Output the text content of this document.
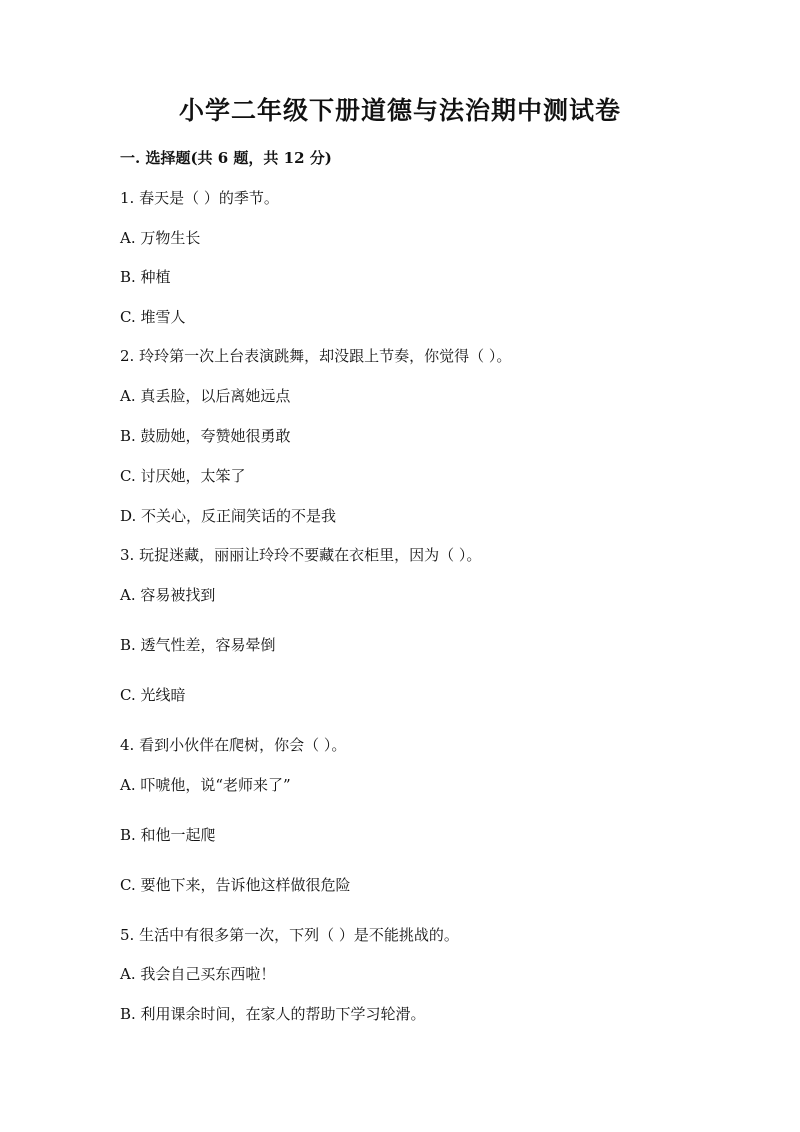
小学二年级下册道德与法治期中测试卷
一. 选择题(共 6 题，共 12 分)
1. 春天是（ ）的季节。
A. 万物生长
B. 种植
C. 堆雪人
2. 玲玲第一次上台表演跳舞，却没跟上节奏，你觉得（ ）。
A. 真丢脸，以后离她远点
B. 鼓励她，夸赞她很勇敢
C. 讨厌她，太笨了
D. 不关心，反正闹笑话的不是我
3. 玩捉迷藏，丽丽让玲玲不要藏在衣柜里，因为（ ）。
A. 容易被找到
B. 透气性差，容易晕倒
C. 光线暗
4. 看到小伙伴在爬树，你会（ ）。
A. 吓唬他，说“老师来了”
B. 和他一起爬
C. 要他下来，告诉他这样做很危险
5. 生活中有很多第一次，下列（ ）是不能挑战的。
A. 我会自己买东西啦！
B. 利用课余时间，在家人的帮助下学习轮滑。
